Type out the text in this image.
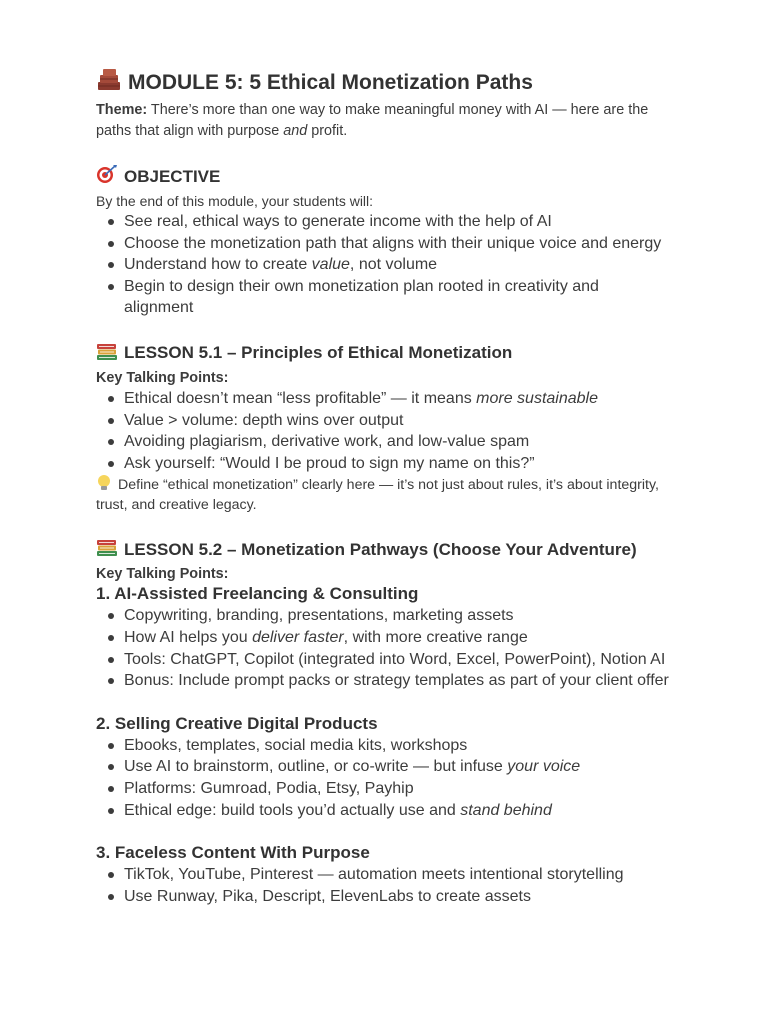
MODULE 5: 5 Ethical Monetization Paths

Theme: There’s more than one way to make meaningful money with AI — here are the paths that align with purpose and profit.

OBJECTIVE

By the end of this module, your students will:

See real, ethical ways to generate income with the help of AI
Choose the monetization path that aligns with their unique voice and energy
Understand how to create value, not volume
Begin to design their own monetization plan rooted in creativity and alignment
LESSON 5.1 – Principles of Ethical Monetization

Key Talking Points:

Ethical doesn’t mean “less profitable” — it means more sustainable
Value > volume: depth wins over output
Avoiding plagiarism, derivative work, and low-value spam
Ask yourself: “Would I be proud to sign my name on this?”

Define “ethical monetization” clearly here — it’s not just about rules, it’s about integrity, trust, and creative legacy.

LESSON 5.2 – Monetization Pathways (Choose Your Adventure)

Key Talking Points:

1. AI-Assisted Freelancing & Consulting
Copywriting, branding, presentations, marketing assets
How AI helps you deliver faster, with more creative range
Tools: ChatGPT, Copilot (integrated into Word, Excel, PowerPoint), Notion AI
Bonus: Include prompt packs or strategy templates as part of your client offer
2. Selling Creative Digital Products
Ebooks, templates, social media kits, workshops
Use AI to brainstorm, outline, or co-write — but infuse your voice
Platforms: Gumroad, Podia, Etsy, Payhip
Ethical edge: build tools you’d actually use and stand behind
3. Faceless Content With Purpose
TikTok, YouTube, Pinterest — automation meets intentional storytelling
Use Runway, Pika, Descript, ElevenLabs to create assets
